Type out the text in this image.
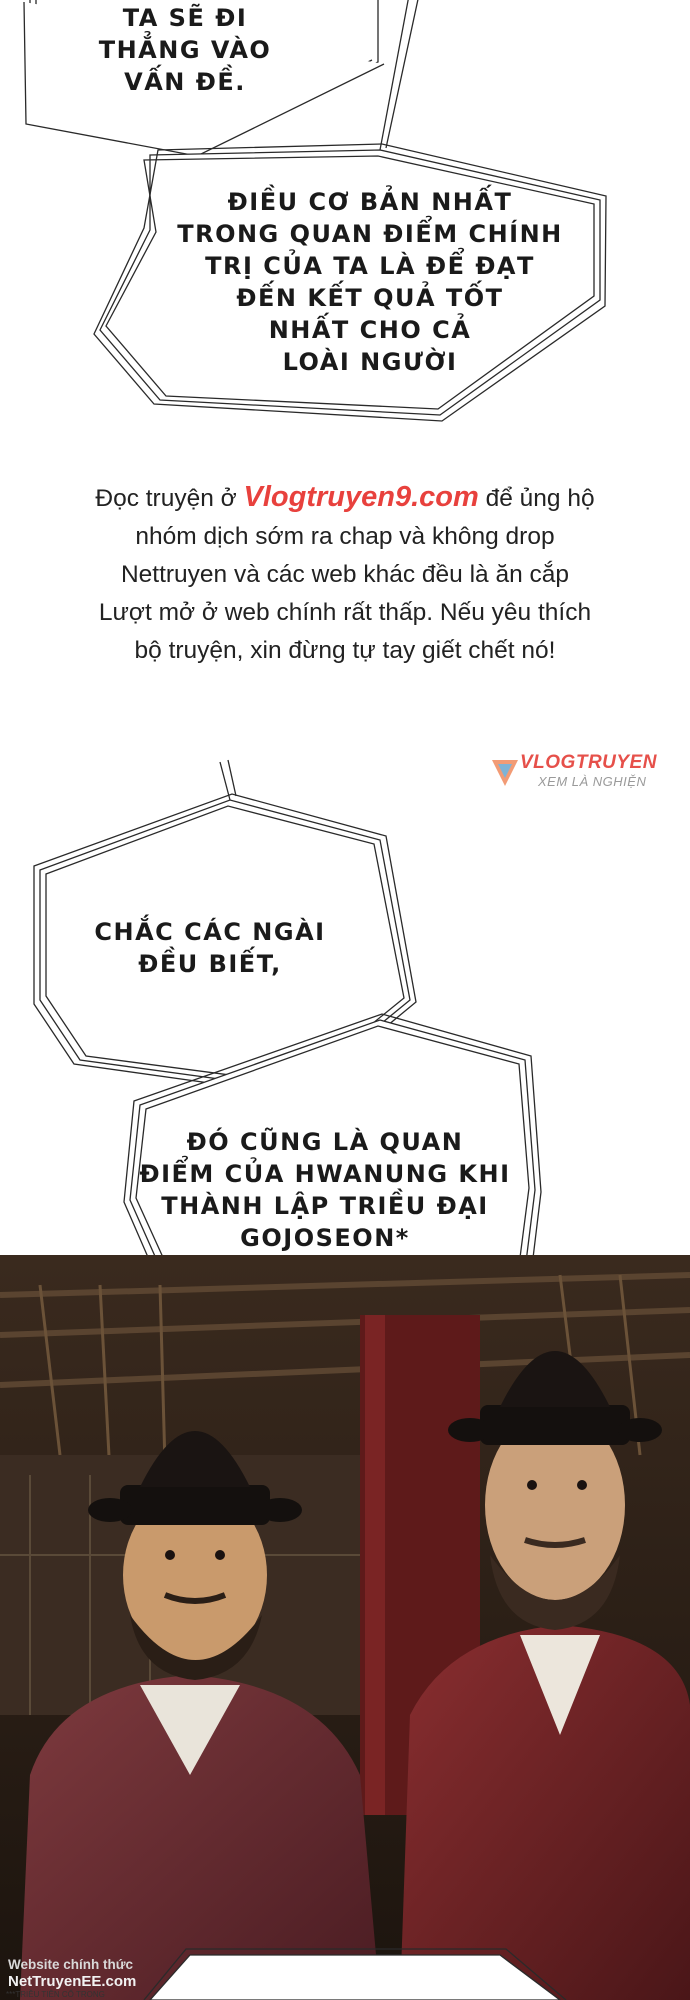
TA SẼ ĐI
THẲNG VÀO
VẤN ĐỀ.
ĐIỀU CƠ BẢN NHẤT
TRONG QUAN ĐIỂM CHÍNH
TRỊ CỦA TA LÀ ĐỂ ĐẠT
ĐẾN KẾT QUẢ TỐT
NHẤT CHO CẢ
LOÀI NGƯỜI
CHẮC CÁC NGÀI
ĐỀU BIẾT,
ĐÓ CŨNG LÀ QUAN
ĐIỂM CỦA HWANUNG KHI
THÀNH LẬP TRIỀU ĐẠI
GOJOSEON*
Đọc truyện ở Vlogtruyen9.com để ủng hộ
nhóm dịch sớm ra chap và không drop
Nettruyen và các web khác đều là ăn cắp
Lượt mở ở web chính rất thấp. Nếu yêu thích
bộ truyện, xin đừng tự tay giết chết nó!
VLOGTRUYEN
XEM LÀ NGHIỆN
Website chính thức
NetTruyenEE.com
***TRIỀU TIÊN CỔ TRONG
